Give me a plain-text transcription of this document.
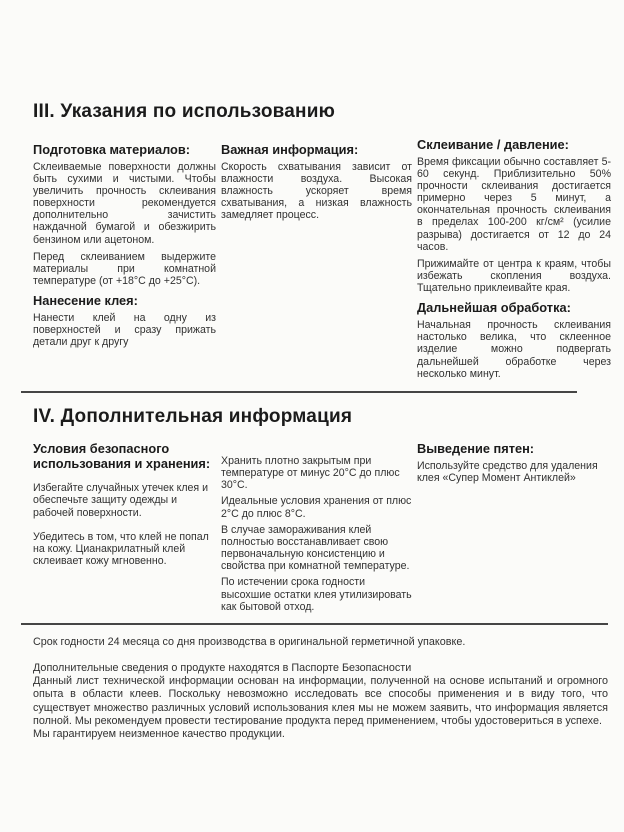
III. Указания по использованию
Подготовка материалов:

Склеиваемые поверхности должны быть сухими и чистыми. Чтобы увеличить прочность склеивания поверхности рекомендуется дополнительно зачистить наждачной бумагой и обезжирить бензином или ацетоном.

Перед склеиванием выдержите материалы при комнатной температуре (от +18°С до +25°С).

Нанесение клея:

Нанести клей на одну из поверхностей и сразу прижать детали друг к другу

Важная информация:

Скорость схватывания зависит от влажности воздуха. Высокая влажность ускоряет время схватывания, а низкая влажность замедляет процесс.

Склеивание / давление:

Время фиксации обычно составляет 5-60 секунд. Приблизительно 50% прочности склеивания достигается примерно через 5 минут, а окончательная прочность склеивания в пределах 100-200 кг/см² (усилие разрыва) достигается от 12 до 24 часов.

Прижимайте от центра к краям, чтобы избежать скопления воздуха. Тщательно приклеивайте края.

Дальнейшая обработка:

Начальная прочность склеивания настолько велика, что склеенное изделие можно подвергать дальнейшей обработке через несколько минут.

IV. Дополнительная информация
Условия безопасного использования и хранения:

Избегайте случайных утечек клея и обеспечьте защиту одежды и рабочей поверхности.

Убедитесь в том, что клей не попал на кожу. Цианакрилатный клей склеивает кожу мгновенно.

Хранить плотно закрытым при температуре от минус 20°С до плюс 30°С.

Идеальные условия хранения от плюс 2°С до плюс 8°С.

В случае замораживания клей полностью восстанавливает свою первоначальную консистенцию и свойства при комнатной температуре.

По истечении срока годности высохшие остатки клея утилизировать как бытовой отход.

Выведение пятен:

Используйте средство для удаления клея «Супер Момент Антиклей»

Срок годности 24 месяца со дня производства в оригинальной герметичной упаковке.

Дополнительные сведения о продукте находятся в Паспорте Безопасности

Данный лист технической информации основан на информации, полученной на основе испытаний и огромного опыта в области клеев. Поскольку невозможно исследовать все способы применения и в виду того, что существует множество различных условий использования клея мы не можем заявить, что информация является полной. Мы рекомендуем провести тестирование продукта перед применением, чтобы удостовериться в успехе.

Мы гарантируем неизменное качество продукции.
